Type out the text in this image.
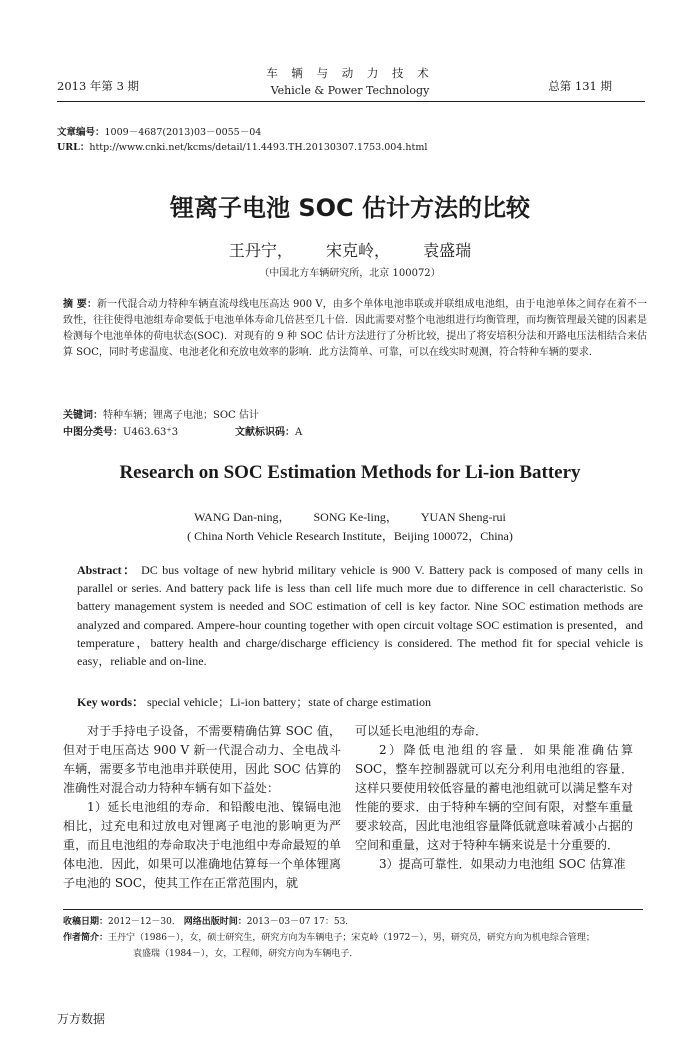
2013 年第 3 期
车 辆 与 动 力 技 术
Vehicle & Power Technology	总第 131 期
文章编号：1009－4687(2013)03－0055－04
URL：http://www.cnki.net/kcms/detail/11.4493.TH.20130307.1753.004.html
锂离子电池 SOC 估计方法的比较
王丹宁， 宋克岭， 袁盛瑞
（中国北方车辆研究所，北京 100072）
摘 要：新一代混合动力特种车辆直流母线电压高达 900 V，由多个单体电池串联或并联组成电池组，由于电池单体之间存在着不一致性，往往使得电池组寿命要低于电池单体寿命几倍甚至几十倍．因此需要对整个电池组进行均衡管理，而均衡管理最关键的因素是检测每个电池单体的荷电状态(SOC)．对现有的 9 种 SOC 估计方法进行了分析比较，提出了将安培积分法和开路电压法相结合来估算 SOC，同时考虑温度、电池老化和充放电效率的影响．此方法简单、可靠，可以在线实时观测，符合特种车辆的要求．
关键词：特种车辆；锂离子电池；SOC 估计
中图分类号：U463.63⁺3	文献标识码：A
Research on SOC Estimation Methods for Li-ion Battery
WANG Dan-ning， SONG Ke-ling， YUAN Sheng-rui
( China North Vehicle Research Institute，Beijing 100072，China)
Abstract： DC bus voltage of new hybrid military vehicle is 900 V. Battery pack is composed of many cells in parallel or series. And battery pack life is less than cell life much more due to difference in cell characteristic. So battery management system is needed and SOC estimation of cell is key factor. Nine SOC estimation methods are analyzed and compared. Ampere-hour counting together with open circuit voltage SOC estimation is presented，and temperature，battery health and charge/discharge efficiency is considered. The method fit for special vehicle is easy，reliable and on-line.
Key words： special vehicle；Li-ion battery；state of charge estimation

对于手持电子设备，不需要精确估算 SOC 值，但对于电压高达 900 V 新一代混合动力、全电战斗车辆，需要多节电池串并联使用，因此 SOC 估算的准确性对混合动力特种车辆有如下益处：

1）延长电池组的寿命．和铅酸电池、镍镉电池相比，过充电和过放电对锂离子电池的影响更为严重，而且电池组的寿命取决于电池组中寿命最短的单体电池．因此，如果可以准确地估算每一个单体锂离子电池的 SOC，使其工作在正常范围内，就

可以延长电池组的寿命．

2）降低电池组的容量．如果能准确估算 SOC，整车控制器就可以充分利用电池组的容量．这样只要使用较低容量的蓄电池组就可以满足整车对性能的要求．由于特种车辆的空间有限，对整车重量要求较高，因此电池组容量降低就意味着减小占据的空间和重量，这对于特种车辆来说是十分重要的．

3）提高可靠性．如果动力电池组 SOC 估算准

收稿日期：2012－12－30． 网络出版时间：2013－03－07 17：53．
作者简介：王丹宁（1986－），女，硕士研究生，研究方向为车辆电子；宋克岭（1972－），男，研究员，研究方向为机电综合管理；
袁盛瑞（1984－），女，工程师，研究方向为车辆电子．
万方数据
